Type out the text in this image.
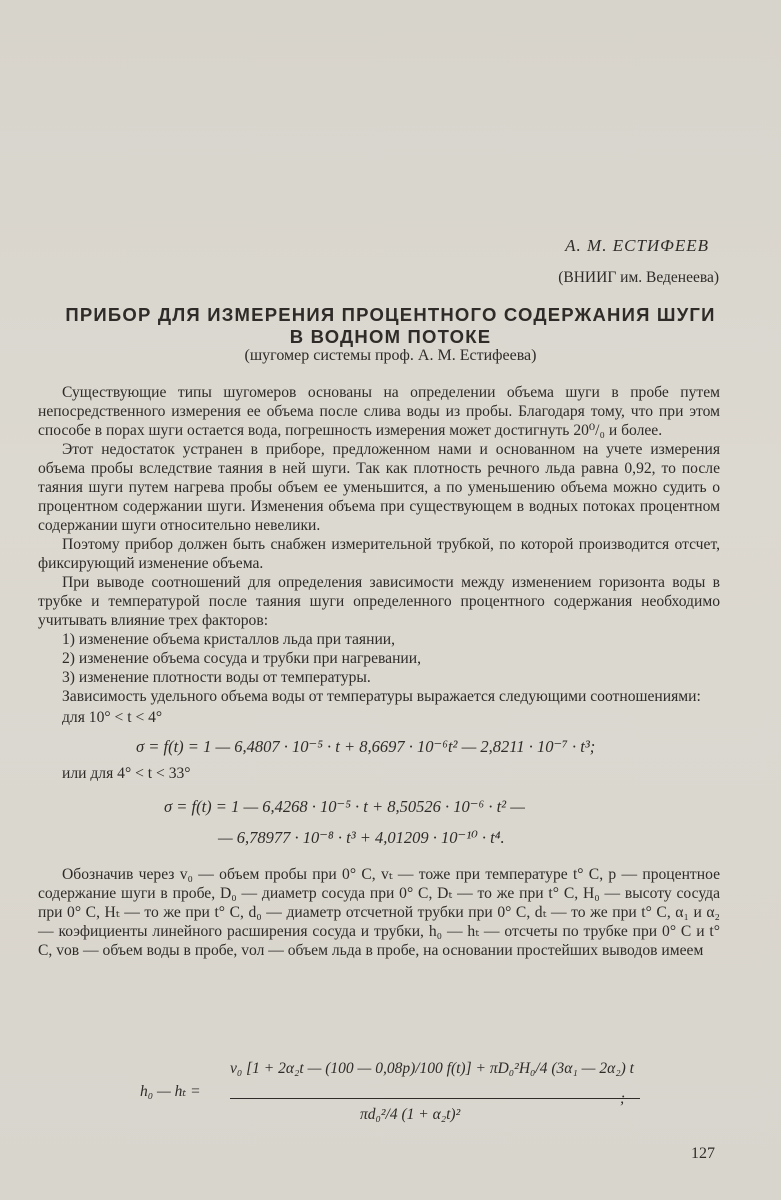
А. М. ЕСТИФЕЕВ
(ВНИИГ им. Веденеева)
ПРИБОР ДЛЯ ИЗМЕРЕНИЯ ПРОЦЕНТНОГО СОДЕРЖАНИЯ ШУГИ
В ВОДНОМ ПОТОКЕ
(шугомер системы проф. А. М. Естифеева)

Существующие типы шугомеров основаны на определении объема шуги в пробе путем непосредственного измерения ее объема после слива воды из пробы. Благодаря тому, что при этом способе в порах шуги остается вода, погрешность измерения может достигнуть 20⁰/₀ и более.

Этот недостаток устранен в приборе, предложенном нами и основанном на учете измерения объема пробы вследствие таяния в ней шуги. Так как плотность речного льда равна 0,92, то после таяния шуги путем нагрева пробы объем ее уменьшится, а по уменьшению объема можно судить о процентном содержании шуги. Изменения объема при существующем в водных потоках процентном содержании шуги относительно невелики.

Поэтому прибор должен быть снабжен измерительной трубкой, по которой производится отсчет, фиксирующий изменение объема.

При выводе соотношений для определения зависимости между изменением горизонта воды в трубке и температурой после таяния шуги определенного процентного содержания необходимо учитывать влияние трех факторов:

1) изменение объема кристаллов льда при таянии,
2) изменение объема сосуда и трубки при нагревании,
3) изменение плотности воды от температуры.

Зависимость удельного объема воды от температуры выражается следующими соотношениями:

для 10° < t < 4°
σ = f(t) = 1 — 6,4807 · 10⁻⁵ · t + 8,6697 · 10⁻⁶t² — 2,8211 · 10⁻⁷ · t³;
или для 4° < t < 33°
σ = f(t) = 1 — 6,4268 · 10⁻⁵ · t + 8,50526 · 10⁻⁶ · t² —
— 6,78977 · 10⁻⁸ · t³ + 4,01209 · 10⁻¹⁰ · t⁴.

Обозначив через v₀ — объем пробы при 0° С, vₜ — тоже при температуре t° С, p — процентное содержание шуги в пробе, D₀ — диаметр сосуда при 0° С, Dₜ — то же при t° С, H₀ — высоту сосуда при 0° С, Hₜ — то же при t° С, d₀ — диаметр отсчетной трубки при 0° С, dₜ — то же при t° С, α₁ и α₂ — коэфициенты линейного расширения сосуда и трубки, h₀ — hₜ — отсчеты по трубке при 0° С и t° С, vов — объем воды в пробе, vол — объем льда в пробе, на основании простейших выводов имеем

h₀ — hₜ =
v₀ [1 + 2α₂t — (100 — 0,08p)/100 f(t)] + πD₀²H₀/4 (3α₁ — 2α₂) t
πd₀²/4 (1 + α₂t)²
;
127
